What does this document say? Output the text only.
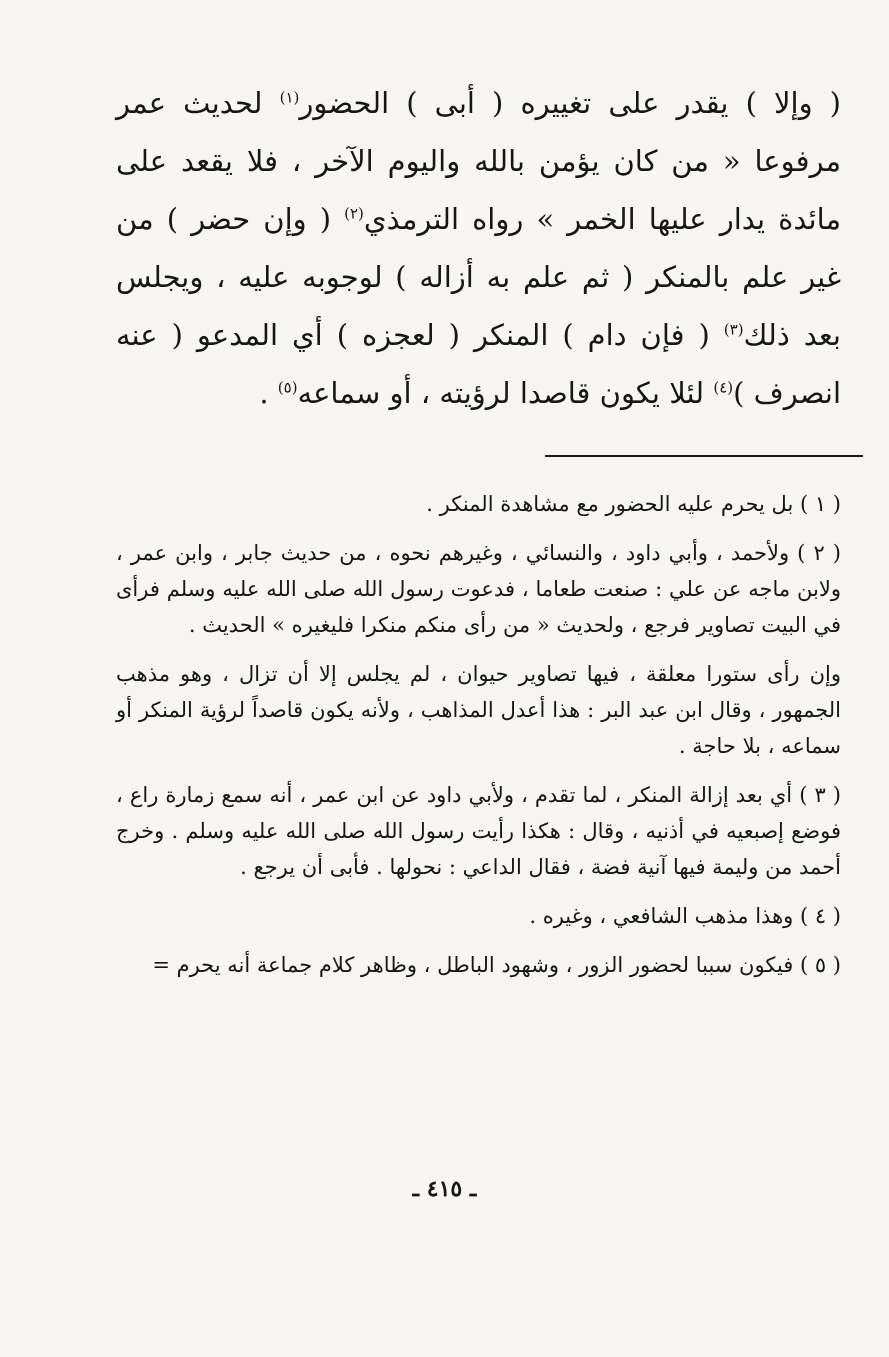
( وإلا ) يقدر على تغييره ( أبى ) الحضور$^{(١)}$ لحديث عمر مرفوعا « من كان يؤمن بالله واليوم الآخر ، فلا يقعد على مائدة يدار عليها الخمر » رواه الترمذي$^{(٢)}$ ( وإن حضر ) من غير علم بالمنكر ( ثم علم به أزاله ) لوجوبه عليه ، ويجلس بعد ذلك$^{(٣)}$ ( فإن دام ) المنكر ( لعجزه ) أي المدعو ( عنه انصرف )$^{(٤)}$ لئلا يكون قاصدا لرؤيته ، أو سماعه$^{(٥)}$ .

( ١ ) بل يحرم عليه الحضور مع مشاهدة المنكر .

( ٢ ) ولأحمد ، وأبي داود ، والنسائي ، وغيرهم نحوه ، من حديث جابر ، وابن عمر ، ولابن ماجه عن علي : صنعت طعاما ، فدعوت رسول الله صلى الله عليه وسلم فرأى في البيت تصاوير فرجع ، ولحديث « من رأى منكم منكرا فليغيره » الحديث .

وإن رأى ستورا معلقة ، فيها تصاوير حيوان ، لم يجلس إلا أن تزال ، وهو مذهب الجمهور ، وقال ابن عبد البر : هذا أعدل المذاهب ، ولأنه يكون قاصداً لرؤية المنكر أو سماعه ، بلا حاجة .

( ٣ ) أي بعد إزالة المنكر ، لما تقدم ، ولأبي داود عن ابن عمر ، أنه سمع زمارة راع ، فوضع إصبعيه في أذنيه ، وقال : هكذا رأيت رسول الله صلى الله عليه وسلم . وخرج أحمد من وليمة فيها آنية فضة ، فقال الداعي : نحولها . فأبى أن يرجع .

( ٤ ) وهذا مذهب الشافعي ، وغيره .

( ٥ ) فيكون سببا لحضور الزور ، وشهود الباطل ، وظاهر كلام جماعة أنه يحرم =

ـ ٤١٥ ـ
